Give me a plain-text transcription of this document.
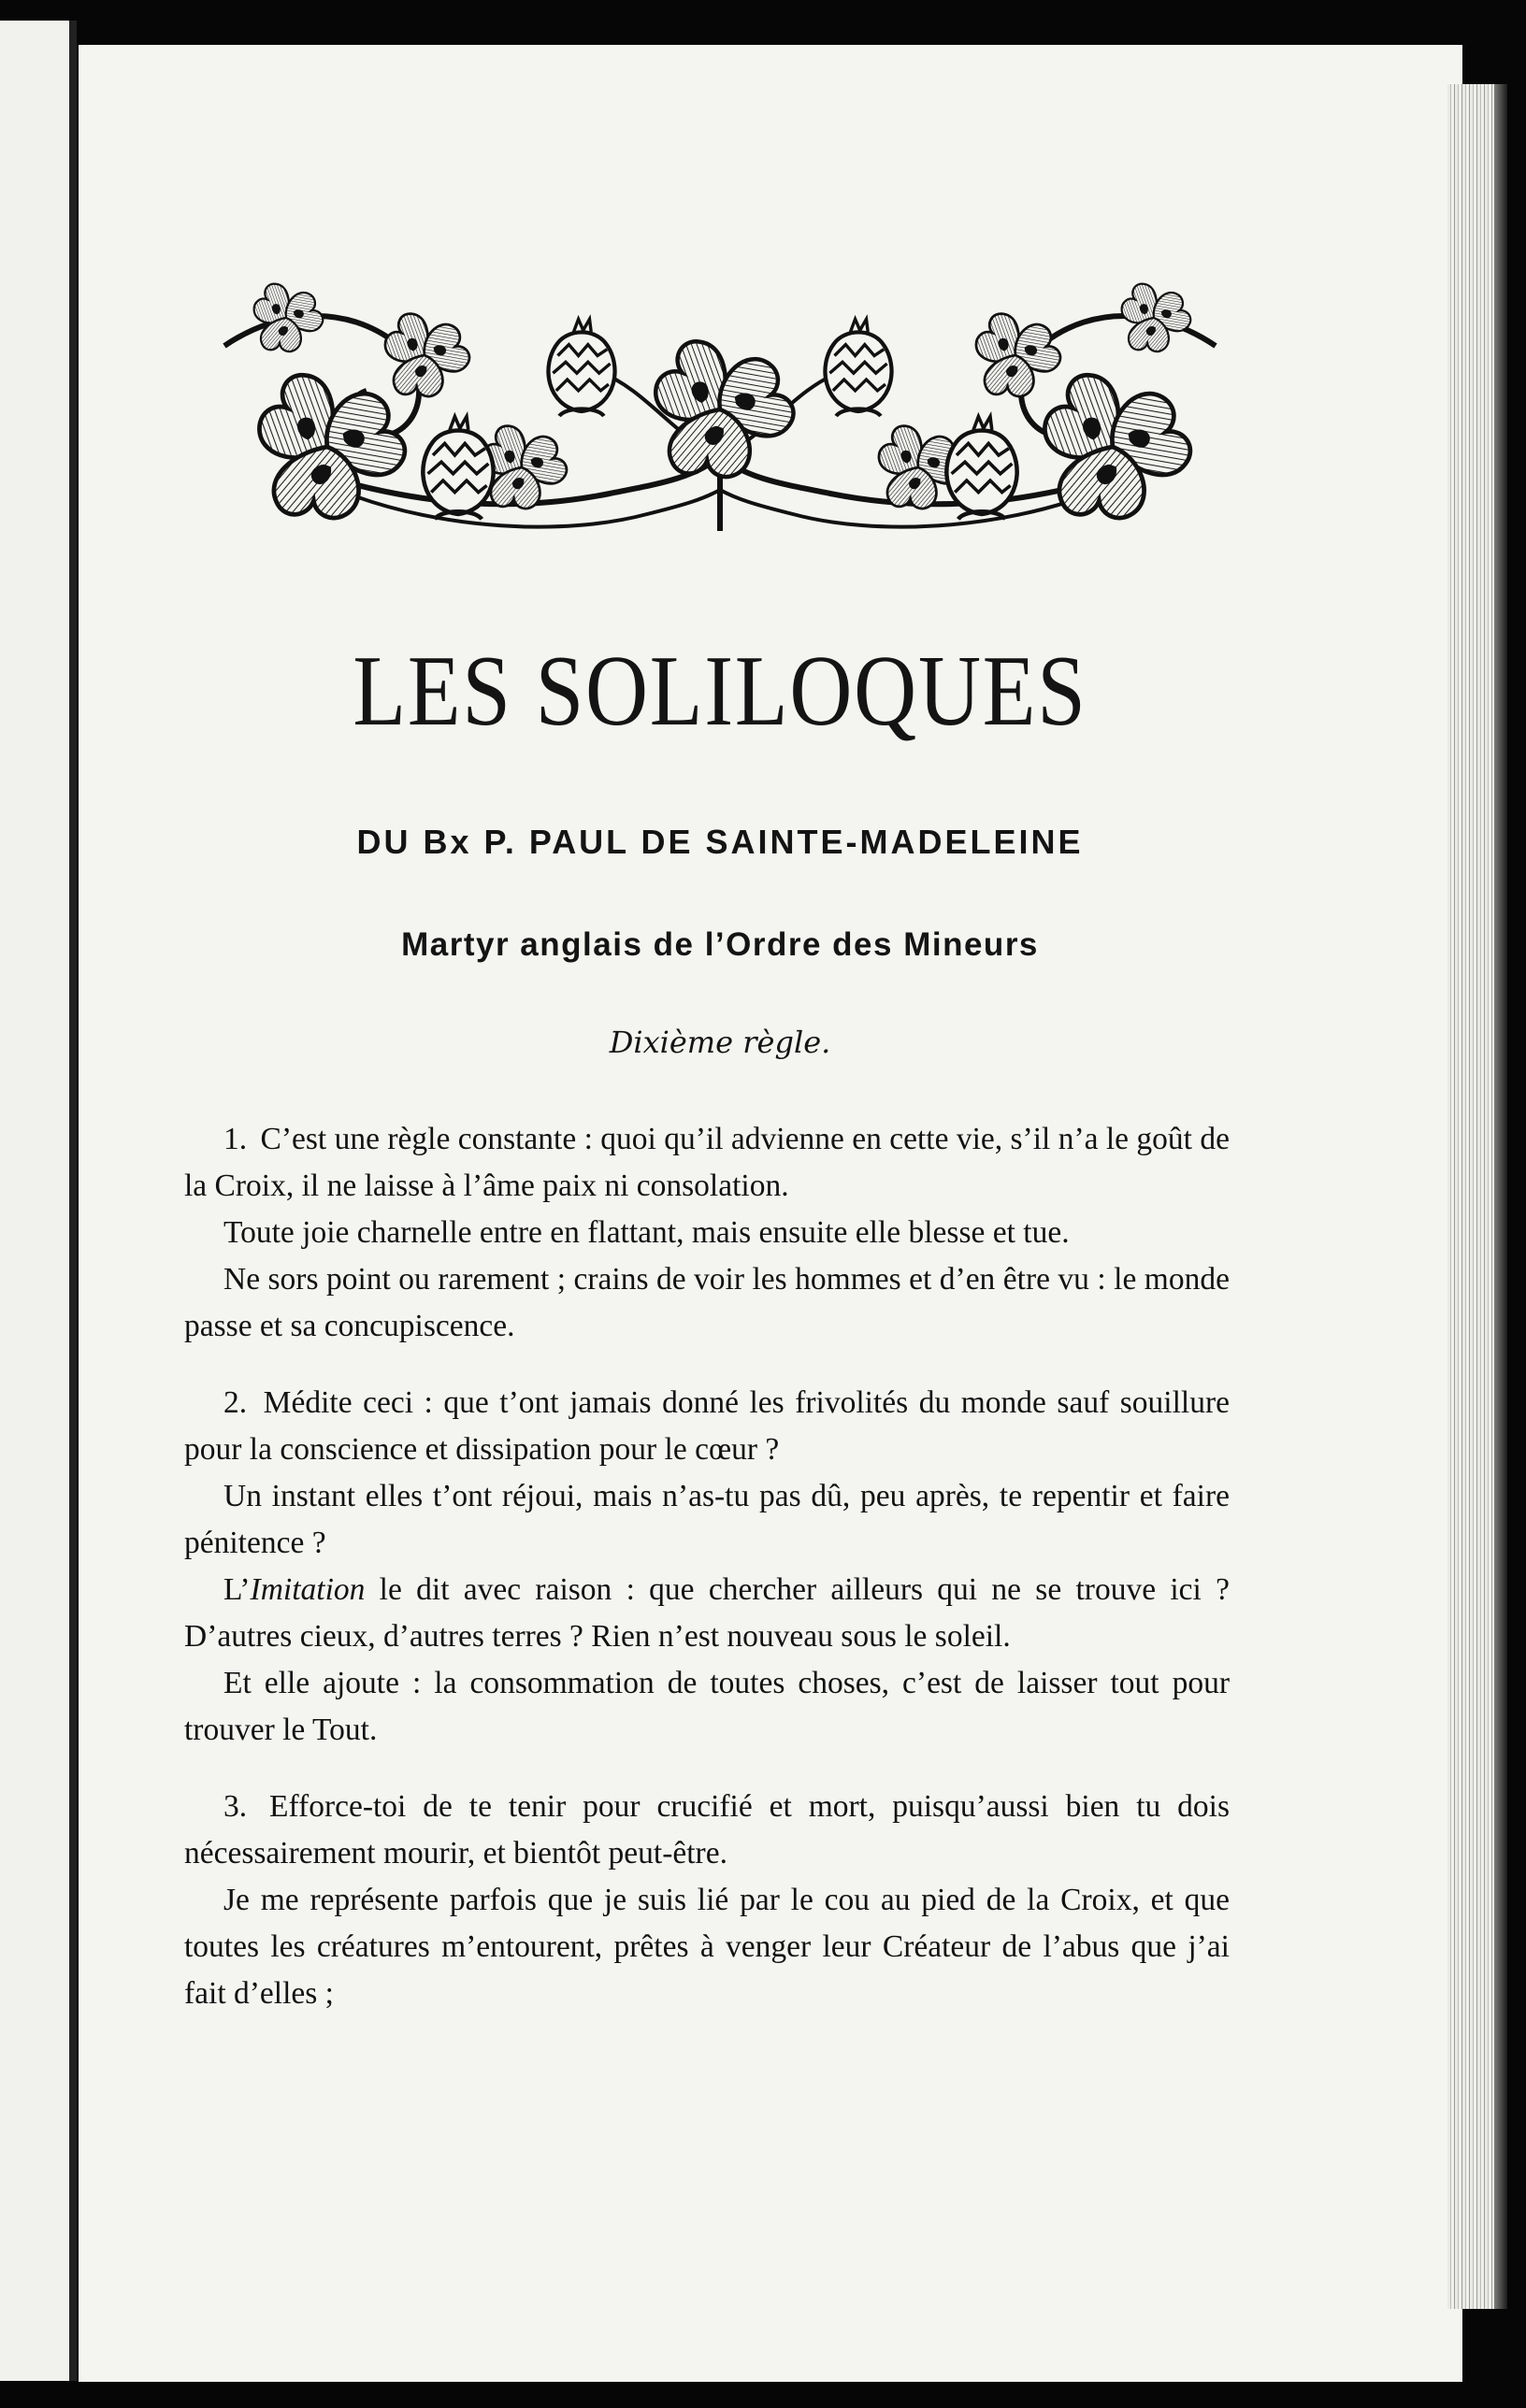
LES SOLILOQUES
DU Bx P. PAUL DE SAINTE-MADELEINE
Martyr anglais de l’Ordre des Mineurs
Dixième règle.

1. C’est une règle constante : quoi qu’il advienne en cette vie, s’il n’a le goût de la Croix, il ne laisse à l’âme paix ni consolation.

Toute joie charnelle entre en flattant, mais ensuite elle blesse et tue.

Ne sors point ou rarement ; crains de voir les hommes et d’en être vu : le monde passe et sa concupiscence.

2. Médite ceci : que t’ont jamais donné les frivolités du monde sauf souillure pour la conscience et dissipation pour le cœur ?

Un instant elles t’ont réjoui, mais n’as-tu pas dû, peu après, te repentir et faire pénitence ?

L’Imitation le dit avec raison : que chercher ailleurs qui ne se trouve ici ? D’autres cieux, d’autres terres ? Rien n’est nouveau sous le soleil.

Et elle ajoute : la consommation de toutes choses, c’est de laisser tout pour trouver le Tout.

3. Efforce-toi de te tenir pour crucifié et mort, puisqu’aussi bien tu dois nécessairement mourir, et bientôt peut-être.

Je me représente parfois que je suis lié par le cou au pied de la Croix, et que toutes les créatures m’entourent, prêtes à venger leur Créateur de l’abus que j’ai fait d’elles ;
